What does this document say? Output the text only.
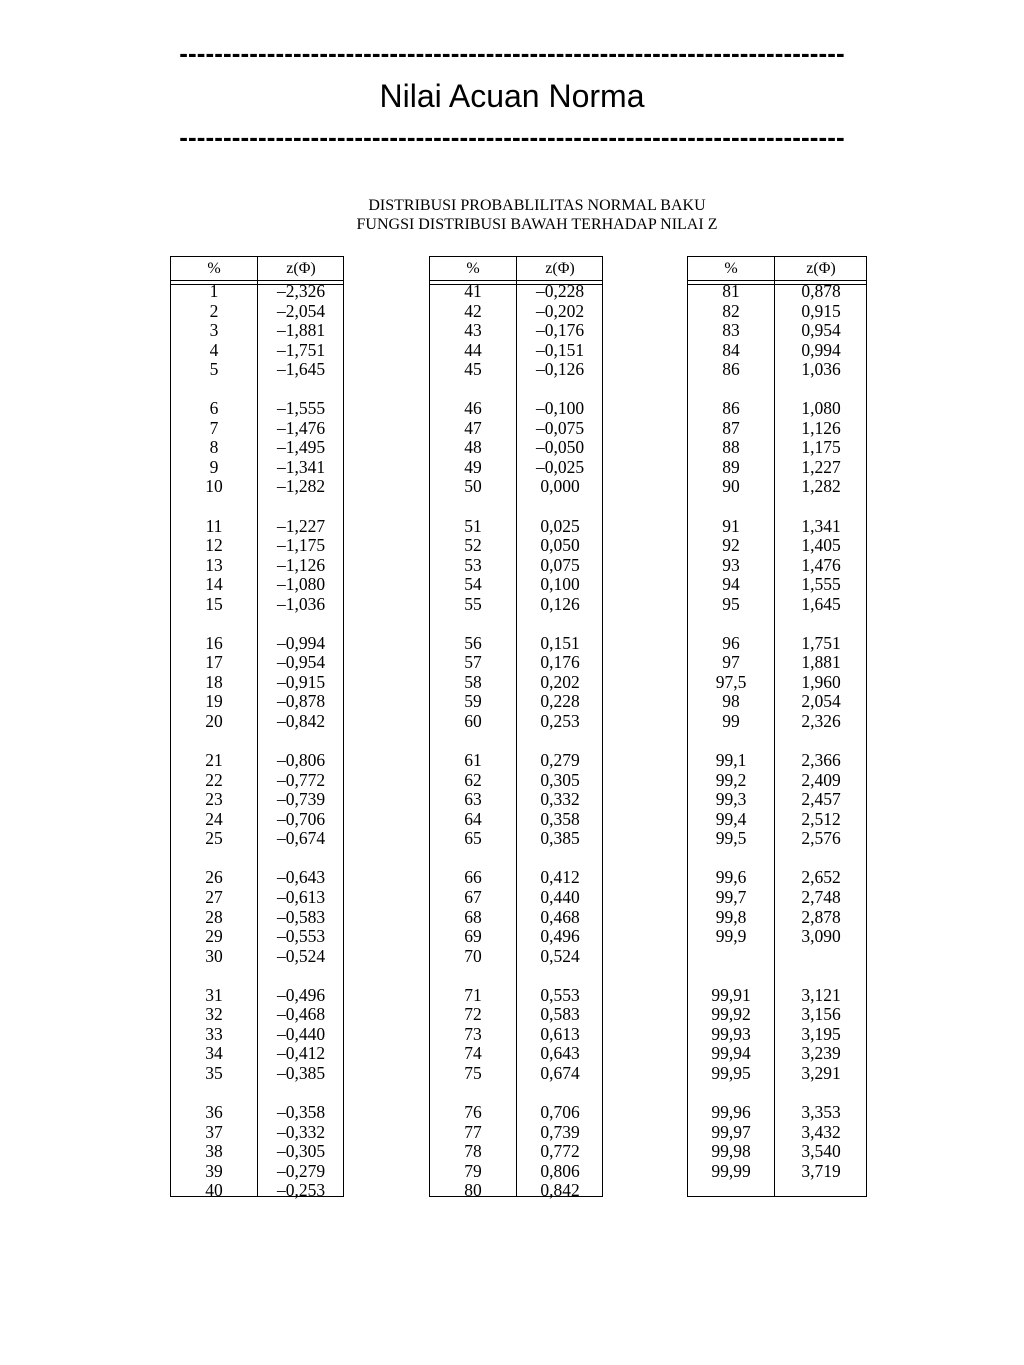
----------------------------------------------------------------------------
Nilai Acuan Norma
----------------------------------------------------------------------------
DISTRIBUSI PROBABLILITAS NORMAL BAKU
FUNGSI DISTRIBUSI BAWAH TERHADAP NILAI Z
%	z(Φ)
1	–2,326
2	–2,054
3	–1,881
4	–1,751
5	–1,645
6	–1,555
7	–1,476
8	–1,495
9	–1,341
10	–1,282
11	–1,227
12	–1,175
13	–1,126
14	–1,080
15	–1,036
16	–0,994
17	–0,954
18	–0,915
19	–0,878
20	–0,842
21	–0,806
22	–0,772
23	–0,739
24	–0,706
25	–0,674
26	–0,643
27	–0,613
28	–0,583
29	–0,553
30	–0,524
31	–0,496
32	–0,468
33	–0,440
34	–0,412
35	–0,385
36	–0,358
37	–0,332
38	–0,305
39	–0,279
40	–0,253
%	z(Φ)
41	–0,228
42	–0,202
43	–0,176
44	–0,151
45	–0,126
46	–0,100
47	–0,075
48	–0,050
49	–0,025
50	0,000
51	0,025
52	0,050
53	0,075
54	0,100
55	0,126
56	0,151
57	0,176
58	0,202
59	0,228
60	0,253
61	0,279
62	0,305
63	0,332
64	0,358
65	0,385
66	0,412
67	0,440
68	0,468
69	0,496
70	0,524
71	0,553
72	0,583
73	0,613
74	0,643
75	0,674
76	0,706
77	0,739
78	0,772
79	0,806
80	0,842
%	z(Φ)
81	0,878
82	0,915
83	0,954
84	0,994
86	1,036
86	1,080
87	1,126
88	1,175
89	1,227
90	1,282
91	1,341
92	1,405
93	1,476
94	1,555
95	1,645
96	1,751
97	1,881
97,5	1,960
98	2,054
99	2,326
99,1	2,366
99,2	2,409
99,3	2,457
99,4	2,512
99,5	2,576
99,6	2,652
99,7	2,748
99,8	2,878
99,9	3,090
99,91	3,121
99,92	3,156
99,93	3,195
99,94	3,239
99,95	3,291
99,96	3,353
99,97	3,432
99,98	3,540
99,99	3,719
